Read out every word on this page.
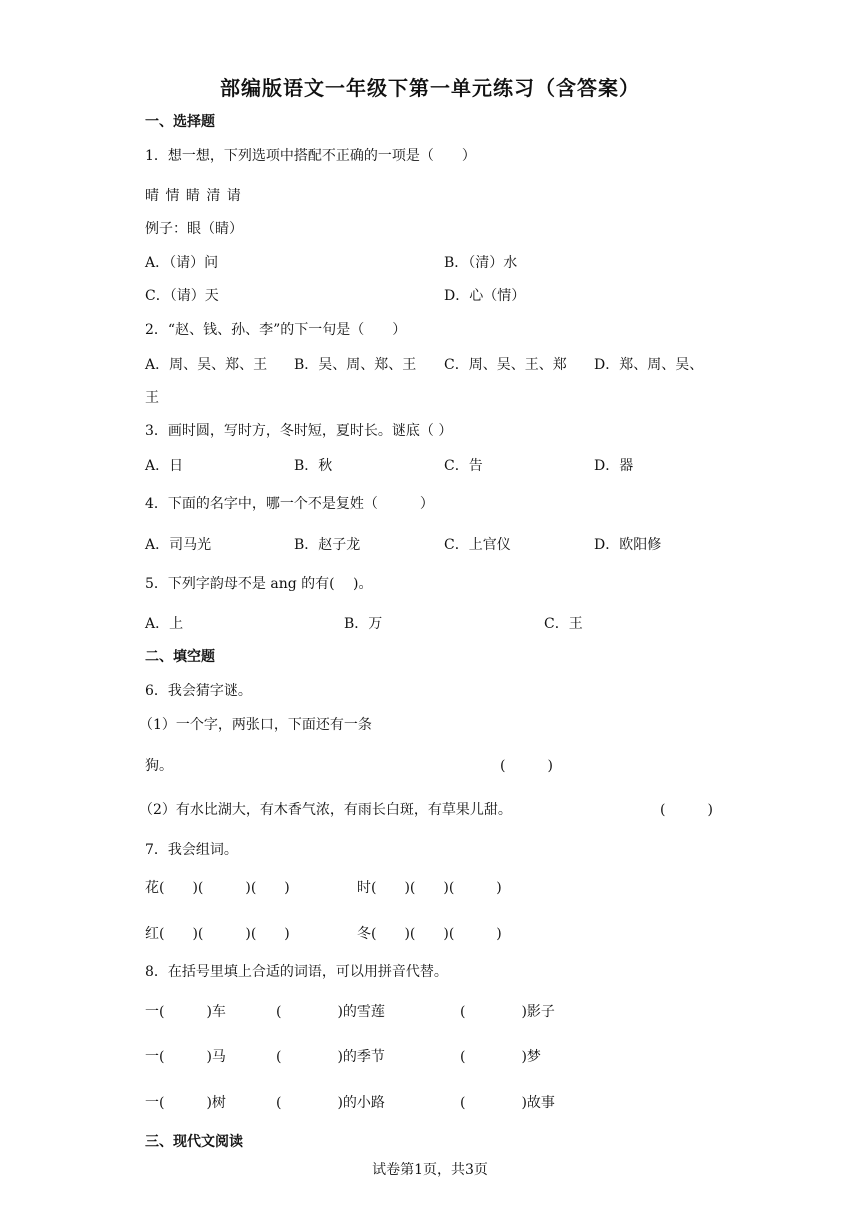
部编版语文一年级下第一单元练习（含答案）
一、选择题
1．想一想，下列选项中搭配不正确的一项是（　　）
晴 情 睛 清 请
例子：眼（睛）
A．（请）问	B．（清）水
C．（请）天	D．心（情）
2．“赵、钱、孙、李”的下一句是（　　）
A．周、吴、郑、王 B．吴、周、郑、王 C．周、吴、王、郑 D．郑、周、吴、
王
3．画时圆，写时方，冬时短，夏时长。谜底（ ）
A．日	B．秋	C．告	D．器
4．下面的名字中，哪一个不是复姓（　　　）
A．司马光	B．赵子龙	C．上官仪	D．欧阳修
5．下列字韵母不是 ang 的有(　 )。
A．上	B．万	C．王
二、填空题
6．我会猜字谜。
（1）一个字，两张口，下面还有一条
狗。	(　　　)
（2）有水比湖大，有木香气浓，有雨长白斑，有草果儿甜。	(　　　)
7．我会组词。
花(　　)(　　　)(　　)	时(　　)(　　)(　　　)
红(　　)(　　　)(　　)	冬(　　)(　　)(　　　)
8．在括号里填上合适的词语，可以用拼音代替。
一(　　　)车	(　　　　)的雪莲	(　　　　)影子
一(　　　)马	(　　　　)的季节	(　　　　)梦
一(　　　)树	(　　　　)的小路	(　　　　)故事
三、现代文阅读
试卷第1页，共3页
